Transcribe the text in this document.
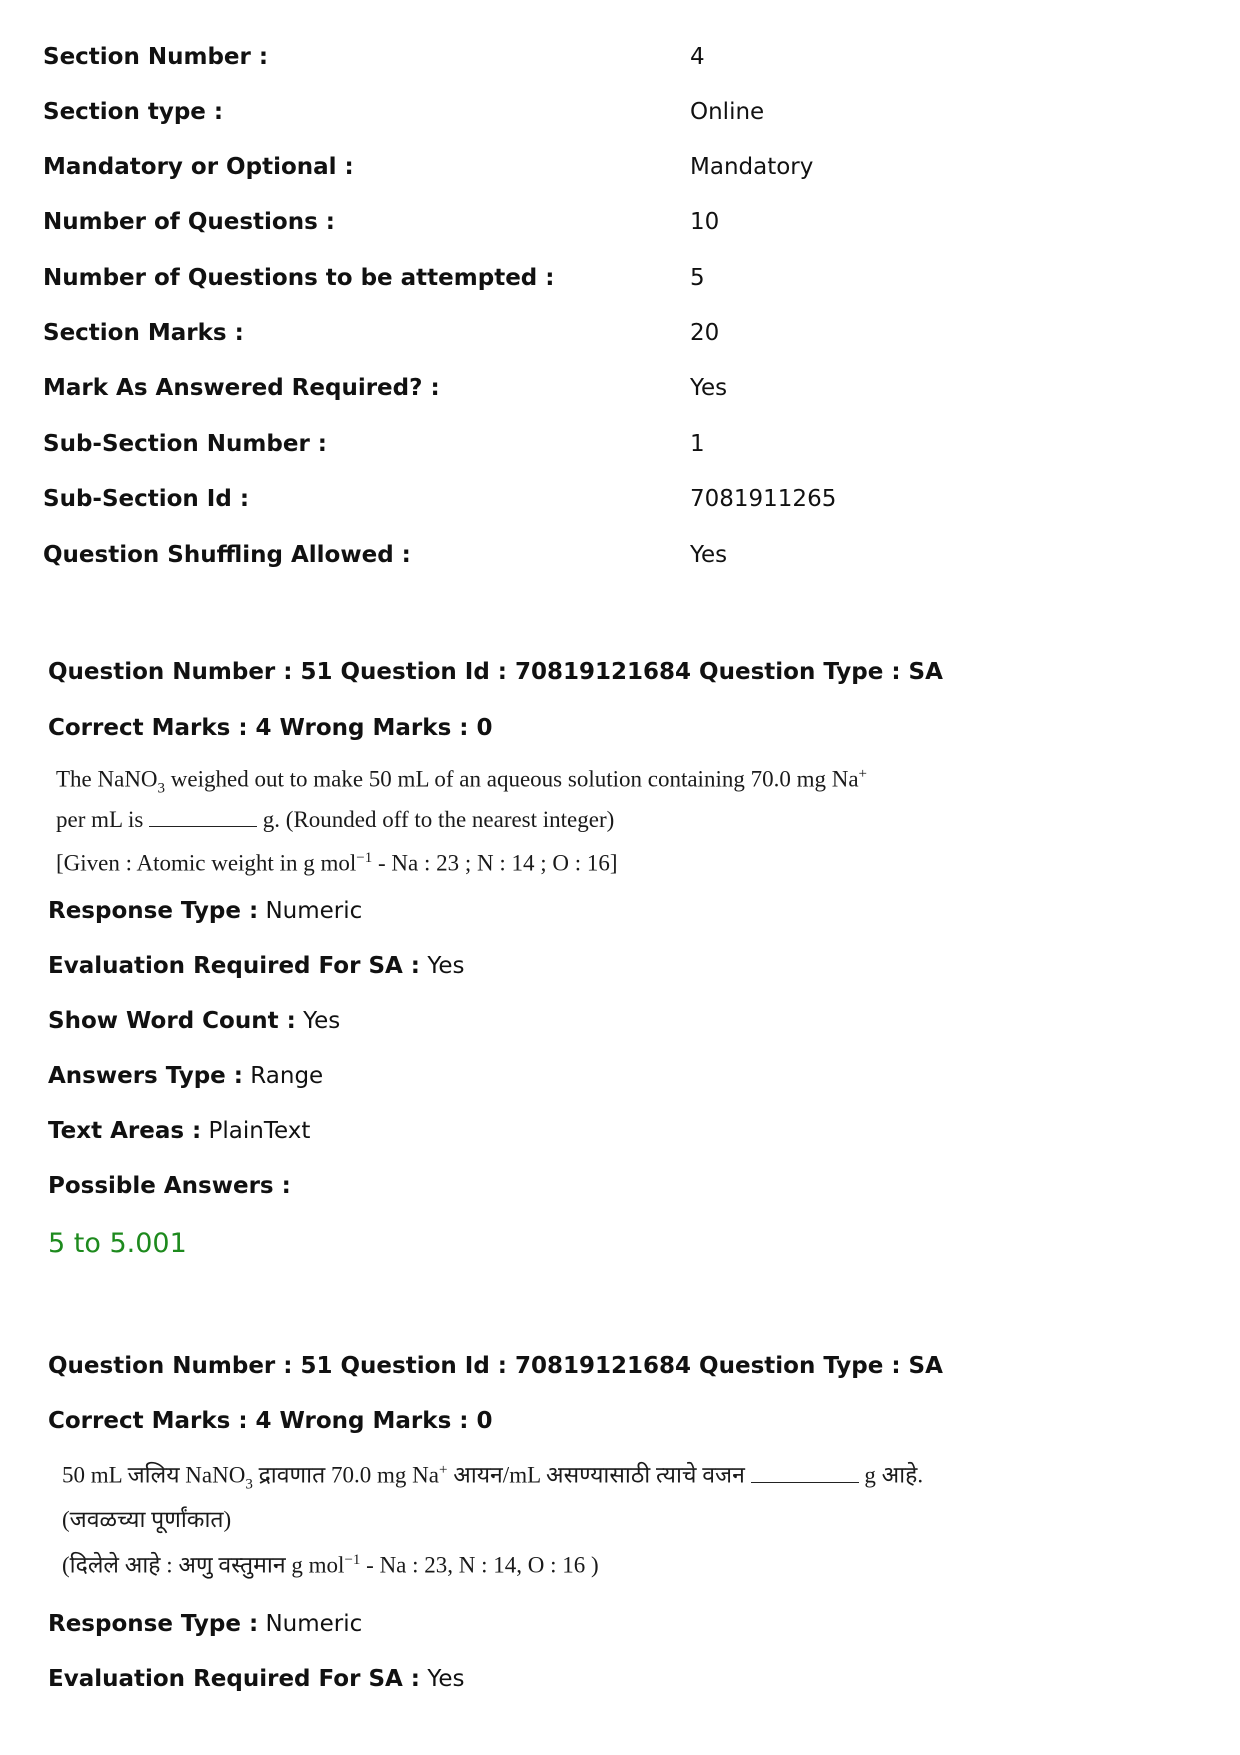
Section Number :	4
Section type :	Online
Mandatory or Optional :	Mandatory
Number of Questions :	10
Number of Questions to be attempted :	5
Section Marks :	20
Mark As Answered Required? :	Yes
Sub-Section Number :	1
Sub-Section Id :	7081911265
Question Shuffling Allowed :	Yes
Question Number : 51 Question Id : 70819121684 Question Type : SA
Correct Marks : 4 Wrong Marks : 0
The NaNO$_3$ weighed out to make 50 mL of an aqueous solution containing 70.0 mg Na+
per mL is	g. (Rounded off to the nearest integer)
[Given : Atomic weight in g mol$^{-1}$ - Na : 23 ; N : 14 ; O : 16]
Response Type : Numeric
Evaluation Required For SA : Yes
Show Word Count : Yes
Answers Type : Range
Text Areas : PlainText
Possible Answers :
5 to 5.001
Question Number : 51 Question Id : 70819121684 Question Type : SA
Correct Marks : 4 Wrong Marks : 0
50 mL जलिय NaNO$_3$ द्रावणात 70.0 mg Na+ आयन/mL असण्यासाठी त्याचे वजन	g आहे.
(जवळच्या पूर्णांकात)
(दिलेले आहे : अणु वस्तुमान g mol$^{-1}$ - Na : 23, N : 14, O : 16 )
Response Type : Numeric
Evaluation Required For SA : Yes
